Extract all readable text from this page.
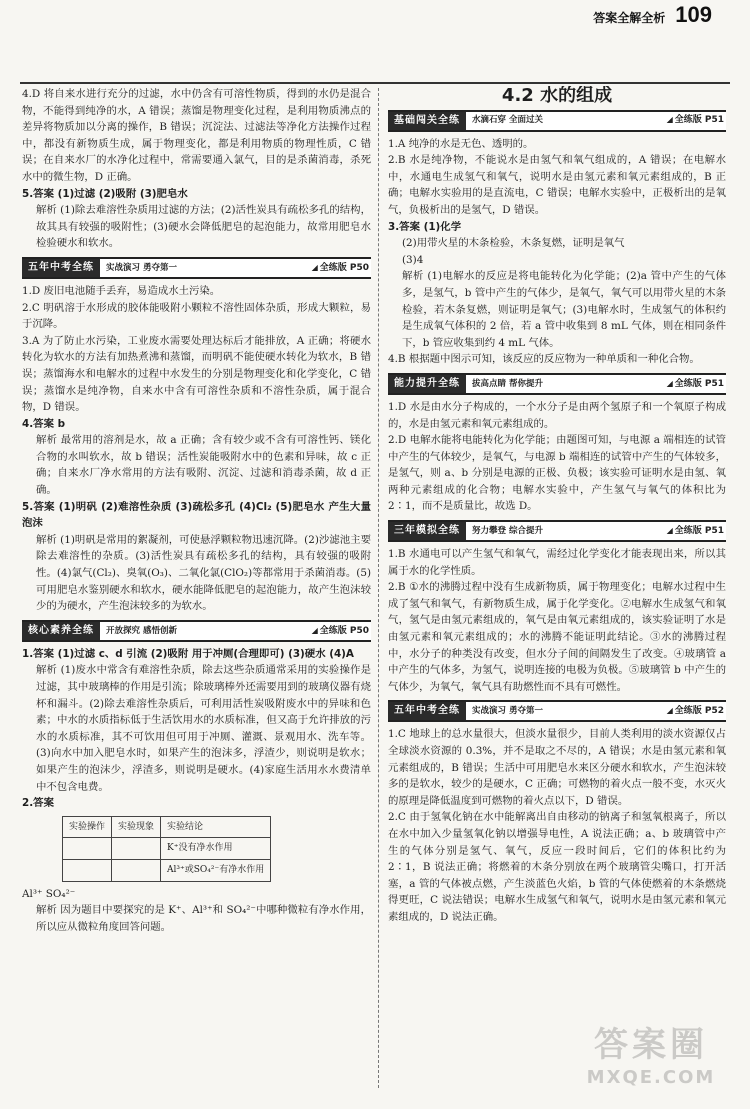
答案全解全析 109

4.D 将自来水进行充分的过滤，水中仍含有可溶性物质，得到的水仍是混合物，不能得到纯净的水，A 错误；蒸馏是物理变化过程，是利用物质沸点的差异将物质加以分离的操作，B 错误；沉淀法、过滤法等净化方法操作过程中，都没有新物质生成，属于物理变化，都是利用物质的物理性质，C 错误；在自来水厂的水净化过程中，常需要通入氯气，目的是杀菌消毒，杀死水中的微生物，D 正确。

5.答案 (1)过滤 (2)吸附 (3)肥皂水

解析 (1)除去难溶性杂质用过滤的方法；(2)活性炭具有疏松多孔的结构，故其具有较强的吸附性；(3)硬水会降低肥皂的起泡能力，故常用肥皂水检验硬水和软水。

五年中考全练	实战演习 勇夺第一	◢ 全练版 P50

1.D 废旧电池随手丢弃，易造成水土污染。

2.C 明矾溶于水形成的胶体能吸附小颗粒不溶性固体杂质，形成大颗粒，易于沉降。

3.A 为了防止水污染，工业废水需要处理达标后才能排放，A 正确；将硬水转化为软水的方法有加热煮沸和蒸馏，而明矾不能使硬水转化为软水，B 错误；蒸馏海水和电解水的过程中水发生的分别是物理变化和化学变化，C 错误；蒸馏水是纯净物，自来水中含有可溶性杂质和不溶性杂质，属于混合物，D 错误。

4.答案 b

解析 最常用的溶剂是水，故 a 正确；含有较少或不含有可溶性钙、镁化合物的水叫软水，故 b 错误；活性炭能吸附水中的色素和异味，故 c 正确；自来水厂净水常用的方法有吸附、沉淀、过滤和消毒杀菌，故 d 正确。

5.答案 (1)明矾 (2)难溶性杂质 (3)疏松多孔 (4)Cl₂ (5)肥皂水 产生大量泡沫

解析 (1)明矾是常用的絮凝剂，可使悬浮颗粒物迅速沉降。(2)沙滤池主要除去难溶性的杂质。(3)活性炭具有疏松多孔的结构，具有较强的吸附性。(4)氯气(Cl₂)、臭氧(O₃)、二氧化氯(ClO₂)等都常用于杀菌消毒。(5)可用肥皂水鉴别硬水和软水，硬水能降低肥皂的起泡能力，故产生泡沫较少的为硬水，产生泡沫较多的为软水。

核心素养全练	开放探究 感悟创新	◢ 全练版 P50

1.答案 (1)过滤 c、d 引流 (2)吸附 用于冲厕(合理即可) (3)硬水 (4)A

解析 (1)废水中常含有难溶性杂质，除去这些杂质通常采用的实验操作是过滤，其中玻璃棒的作用是引流；除玻璃棒外还需要用到的玻璃仪器有烧杯和漏斗。(2)除去难溶性杂质后，可利用活性炭吸附废水中的异味和色素；中水的水质指标低于生活饮用水的水质标准，但又高于允许排放的污水的水质标准，其不可饮用但可用于冲厕、灌溉、景观用水、洗车等。(3)向水中加入肥皂水时，如果产生的泡沫多，浮渣少，则说明是软水；如果产生的泡沫少，浮渣多，则说明是硬水。(4)家庭生活用水水费清单中不包含电费。

2.答案

实验操作	实验现象	实验结论
		K⁺没有净水作用
		Al³⁺或SO₄²⁻有净水作用

Al³⁺ SO₄²⁻

解析 因为题目中要探究的是 K⁺、Al³⁺和 SO₄²⁻中哪种微粒有净水作用，所以应从微粒角度回答问题。

4.2 水的组成
基础闯关全练	水滴石穿 全面过关	◢ 全练版 P51

1.A 纯净的水是无色、透明的。

2.B 水是纯净物，不能说水是由氢气和氧气组成的，A 错误；在电解水中，水通电生成氢气和氧气，说明水是由氢元素和氧元素组成的，B 正确；电解水实验用的是直流电，C 错误；电解水实验中，正极析出的是氧气，负极析出的是氢气，D 错误。

3.答案 (1)化学

(2)用带火星的木条检验，木条复燃，证明是氧气

(3)4

解析 (1)电解水的反应是将电能转化为化学能；(2)a 管中产生的气体多，是氢气，b 管中产生的气体少，是氧气，氧气可以用带火星的木条检验，若木条复燃，则证明是氧气；(3)电解水时，生成氢气的体积约是生成氧气体积的 2 倍，若 a 管中收集到 8 mL 气体，则在相同条件下，b 管应收集到约 4 mL 气体。

4.B 根据题中图示可知，该反应的反应物为一种单质和一种化合物。

能力提升全练	拔高点睛 帮你提升	◢ 全练版 P51

1.D 水是由水分子构成的，一个水分子是由两个氢原子和一个氧原子构成的，水是由氢元素和氧元素组成的。

2.D 电解水能将电能转化为化学能；由题图可知，与电源 a 端相连的试管中产生的气体较少，是氧气，与电源 b 端相连的试管中产生的气体较多，是氢气，则 a、b 分别是电源的正极、负极；该实验可证明水是由氢、氧两种元素组成的化合物；电解水实验中，产生氢气与氧气的体积比为 2∶1，而不是质量比，故选 D。

三年模拟全练	努力攀登 综合提升	◢ 全练版 P51

1.B 水通电可以产生氢气和氧气，需经过化学变化才能表现出来，所以其属于水的化学性质。

2.B ①水的沸腾过程中没有生成新物质，属于物理变化；电解水过程中生成了氢气和氧气，有新物质生成，属于化学变化。②电解水生成氢气和氧气，氢气是由氢元素组成的，氧气是由氧元素组成的，该实验证明了水是由氢元素和氧元素组成的；水的沸腾不能证明此结论。③水的沸腾过程中，水分子的种类没有改变，但水分子间的间隔发生了改变。④玻璃管 a 中产生的气体多，为氢气，说明连接的电极为负极。⑤玻璃管 b 中产生的气体少，为氧气，氧气具有助燃性而不具有可燃性。

五年中考全练	实战演习 勇夺第一	◢ 全练版 P52

1.C 地球上的总水量很大，但淡水量很少，目前人类利用的淡水资源仅占全球淡水资源的 0.3%，并不是取之不尽的，A 错误；水是由氢元素和氧元素组成的，B 错误；生活中可用肥皂水来区分硬水和软水，产生泡沫较多的是软水，较少的是硬水，C 正确；可燃物的着火点一般不变，水灭火的原理是降低温度到可燃物的着火点以下，D 错误。

2.C 由于氢氧化钠在水中能解离出自由移动的钠离子和氢氧根离子，所以在水中加入少量氢氧化钠以增强导电性，A 说法正确；a、b 玻璃管中产生的气体分别是氢气、氧气，反应一段时间后，它们的体积比约为 2∶1，B 说法正确；将燃着的木条分别放在两个玻璃管尖嘴口，打开活塞，a 管的气体被点燃，产生淡蓝色火焰，b 管的气体使燃着的木条燃烧得更旺，C 说法错误；电解水生成氢气和氧气，说明水是由氢元素和氧元素组成的，D 说法正确。

答案圈
MXQE.COM
